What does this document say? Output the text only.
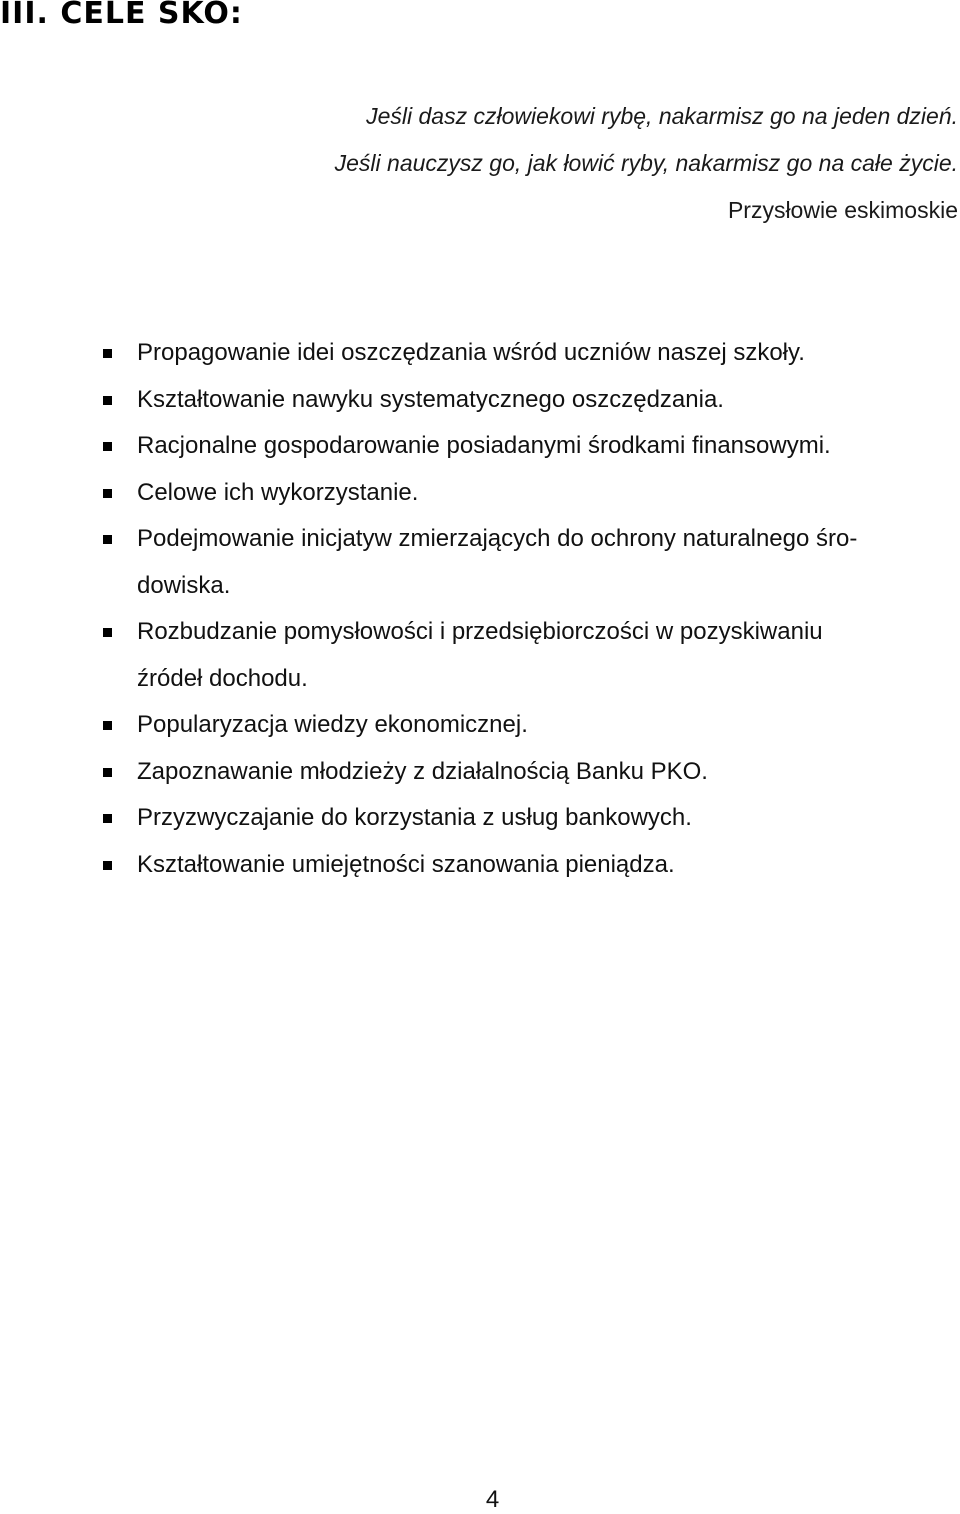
III. CELE SKO:
Jeśli dasz człowiekowi rybę, nakarmisz go na jeden dzień.
Jeśli nauczysz go, jak łowić ryby, nakarmisz go na całe życie.
Przysłowie eskimoskie
Propagowanie idei oszczędzania wśród uczniów naszej szkoły.
Kształtowanie nawyku systematycznego oszczędzania.
Racjonalne gospodarowanie posiadanymi środkami finansowymi.
Celowe ich wykorzystanie.
Podejmowanie inicjatyw zmierzających do ochrony naturalnego śro-
dowiska.
Rozbudzanie pomysłowości i przedsiębiorczości w pozyskiwaniu
źródeł dochodu.
Popularyzacja wiedzy ekonomicznej.
Zapoznawanie młodzieży z działalnością Banku PKO.
Przyzwyczajanie do korzystania z usług bankowych.
Kształtowanie umiejętności szanowania pieniądza.
4
